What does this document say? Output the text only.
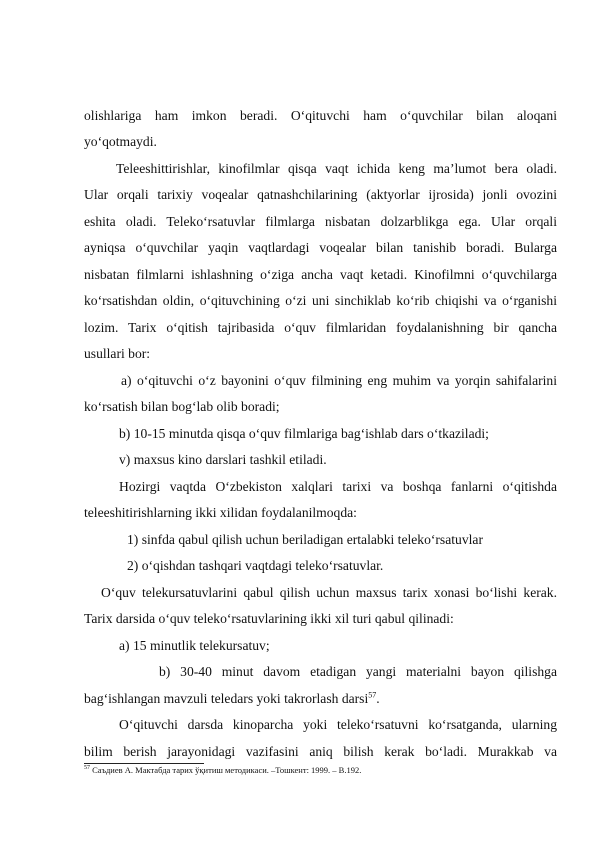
olishlariga ham imkon beradi. O‘qituvchi ham o‘quvchilar bilan aloqani
yo‘qotmaydi.
Teleeshittirishlar, kinofilmlar qisqa vaqt ichida keng ma’lumot bera oladi.
Ular orqali tarixiy voqealar qatnashchilarining (aktyorlar ijrosida) jonli ovozini
eshita oladi. Teleko‘rsatuvlar filmlarga nisbatan dolzarblikga ega. Ular orqali
ayniqsa o‘quvchilar yaqin vaqtlardagi voqealar bilan tanishib boradi. Bularga
nisbatan filmlarni ishlashning o‘ziga ancha vaqt ketadi. Kinofilmni o‘quvchilarga
ko‘rsatishdan oldin, o‘qituvchining o‘zi uni sinchiklab ko‘rib chiqishi va o‘rganishi
lozim. Tarix o‘qitish tajribasida o‘quv filmlaridan foydalanishning bir qancha
usullari bor:
a) o‘qituvchi o‘z bayonini o‘quv filmining eng muhim va yorqin sahifalarini
ko‘rsatish bilan bog‘lab olib boradi;
b) 10-15 minutda qisqa o‘quv filmlariga bag‘ishlab dars o‘tkaziladi;
v) maxsus kino darslari tashkil etiladi.
Hozirgi vaqtda O‘zbekiston xalqlari tarixi va boshqa fanlarni o‘qitishda
teleeshitirishlarning ikki xilidan foydalanilmoqda:
1) sinfda qabul qilish uchun beriladigan ertalabki teleko‘rsatuvlar
2) o‘qishdan tashqari vaqtdagi teleko‘rsatuvlar.
O‘quv telekursatuvlarini qabul qilish uchun maxsus tarix xonasi bo‘lishi kerak.
Tarix darsida o‘quv teleko‘rsatuvlarining ikki xil turi qabul qilinadi:
a) 15 minutlik telekursatuv;
b) 30-40 minut davom etadigan yangi materialni bayon qilishga
bag‘ishlangan mavzuli teledars yoki takrorlash darsi$^{57}$.
O‘qituvchi darsda kinoparcha yoki teleko‘rsatuvni ko‘rsatganda, ularning
bilim berish jarayonidagi vazifasini aniq bilish kerak bo‘ladi. Murakkab va
$^{57}$ Саъдиев А. Мактабда тарих ўқитиш методикаси. –Тошкент: 1999. – B.192.
